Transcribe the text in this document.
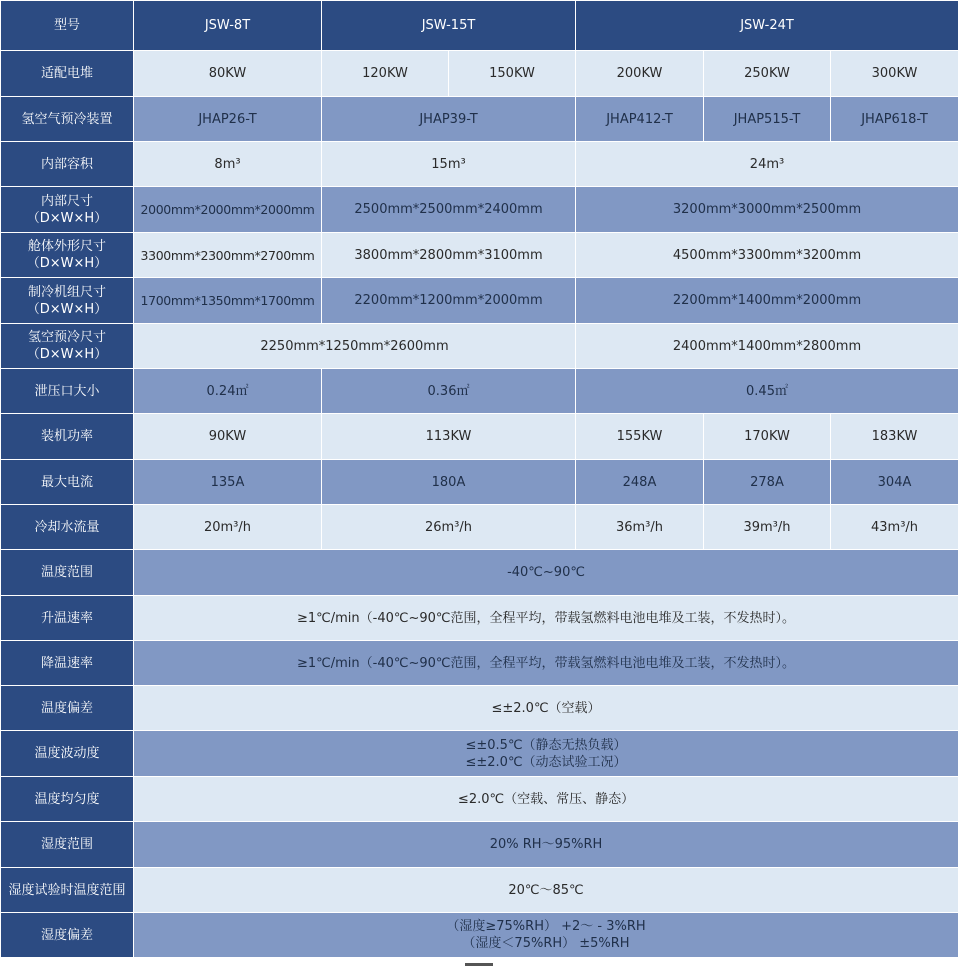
型号	JSW-8T	JSW-15T		JSW-24T		
适配电堆	80KW	120KW	150KW	200KW	250KW	300KW
氢空气预冷装置	JHAP26-T	JHAP39-T		JHAP412-T	JHAP515-T	JHAP618-T
内部容积	8m³	15m³		24m³		

内部尺寸
（D×W×H）	2000mm*2000mm*2000mm	2500mm*2500mm*2400mm		3200mm*3000mm*2500mm		

舱体外形尺寸
（D×W×H）	3300mm*2300mm*2700mm	3800mm*2800mm*3100mm		4500mm*3300mm*3200mm		

制冷机组尺寸
（D×W×H）	1700mm*1350mm*1700mm	2200mm*1200mm*2000mm		2200mm*1400mm*2000mm		

氢空预冷尺寸
（D×W×H）	2250mm*1250mm*2600mm			2400mm*1400mm*2800mm		
泄压口大小	0.24㎡	0.36㎡		0.45㎡		
装机功率	90KW	113KW		155KW	170KW	183KW
最大电流	135A	180A		248A	278A	304A
冷却水流量	20m³/h	26m³/h		36m³/h	39m³/h	43m³/h
温度范围	-40℃~90℃					
升温速率	≥1℃/min（-40℃~90℃范围，全程平均，带载氢燃料电池电堆及工装，不发热时）。					
降温速率	≥1℃/min（-40℃~90℃范围，全程平均，带载氢燃料电池电堆及工装，不发热时）。					
温度偏差	≤±2.0℃（空载）					
温度波动度	≤±0.5℃（静态无热负载）
≤±2.0℃（动态试验工况）					

温度均匀度	≤2.0℃（空载、常压、静态）					
湿度范围	20% RH～95%RH					
湿度试验时温度范围	20℃～85℃					
湿度偏差	（湿度≥75%RH） +2～ - 3%RH
（湿度＜75%RH） ±5%RH					
